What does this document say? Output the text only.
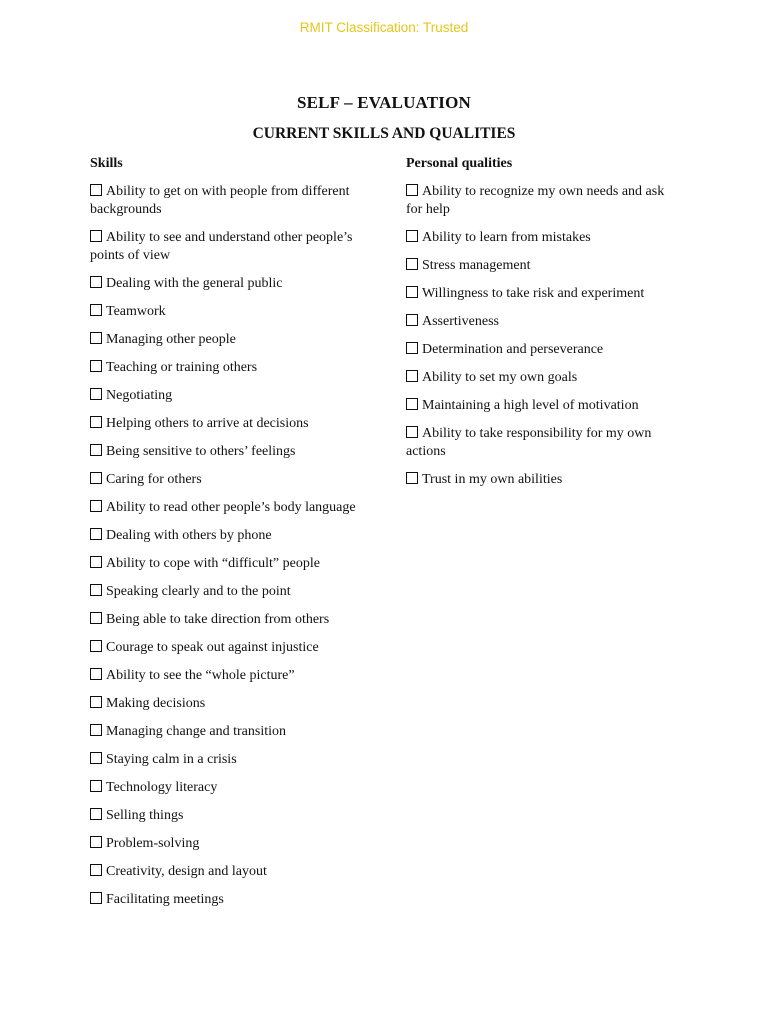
RMIT Classification: Trusted
SELF – EVALUATION
CURRENT SKILLS AND QUALITIES
Skills
Ability to get on with people from different backgrounds
Ability to see and understand other people’s points of view
Dealing with the general public
Teamwork
Managing other people
Teaching or training others
Negotiating
Helping others to arrive at decisions
Being sensitive to others’ feelings
Caring for others
Ability to read other people’s body language
Dealing with others by phone
Ability to cope with “difficult” people
Speaking clearly and to the point
Being able to take direction from others
Courage to speak out against injustice
Ability to see the “whole picture”
Making decisions
Managing change and transition
Staying calm in a crisis
Technology literacy
Selling things
Problem-solving
Creativity, design and layout
Facilitating meetings
Personal qualities
Ability to recognize my own needs and ask for help
Ability to learn from mistakes
Stress management
Willingness to take risk and experiment
Assertiveness
Determination and perseverance
Ability to set my own goals
Maintaining a high level of motivation
Ability to take responsibility for my own actions
Trust in my own abilities
